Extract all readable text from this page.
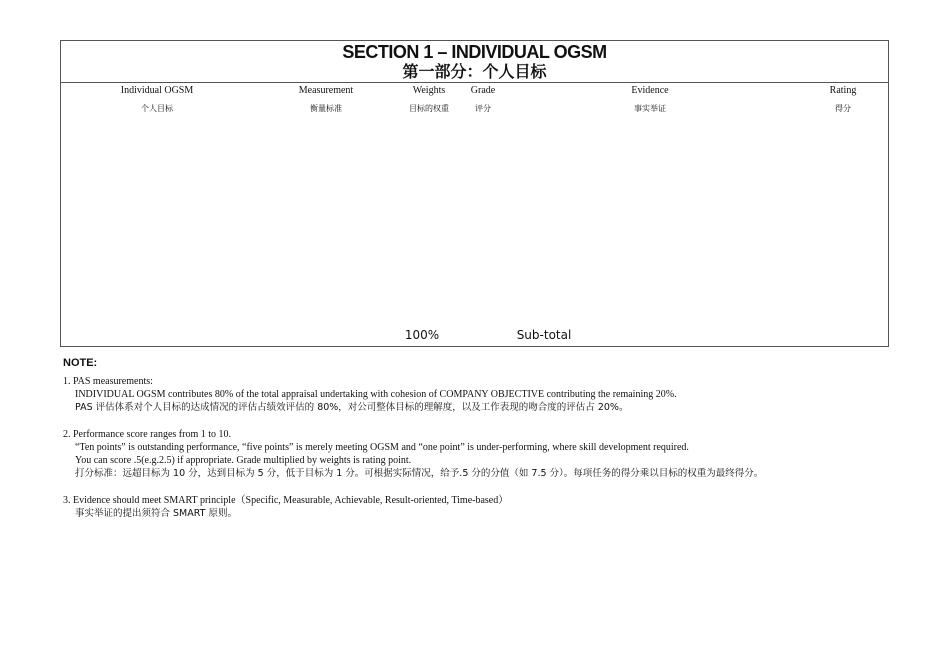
SECTION 1 – INDIVIDUAL OGSM
第一部分：个人目标
Individual OGSM
个人目标
Measurement
衡量标准
Weights
目标的权重
Grade
评分
Evidence
事实举证
Rating
得分
100%	Sub-total
NOTE:
1. PAS measurements:
INDIVIDUAL OGSM contributes 80% of the total appraisal undertaking with cohesion of COMPANY OBJECTIVE contributing the remaining 20%.
PAS 评估体系对个人目标的达成情况的评估占绩效评估的 80%，对公司整体目标的理解度，以及工作表现的吻合度的评估占 20%。
2. Performance score ranges from 1 to 10.
“Ten points” is outstanding performance, “five points” is merely meeting OGSM and “one point” is under-performing, where skill development required.
You can score .5(e.g.2.5) if appropriate. Grade multiplied by weights is rating point.
打分标准：远超目标为 10 分，达到目标为 5 分，低于目标为 1 分。可根据实际情况，给予.5 分的分值（如 7.5 分）。每项任务的得分乘以目标的权重为最终得分。
3. Evidence should meet SMART principle（Specific, Measurable, Achievable, Result-oriented, Time-based）
事实举证的提出须符合 SMART 原则。
